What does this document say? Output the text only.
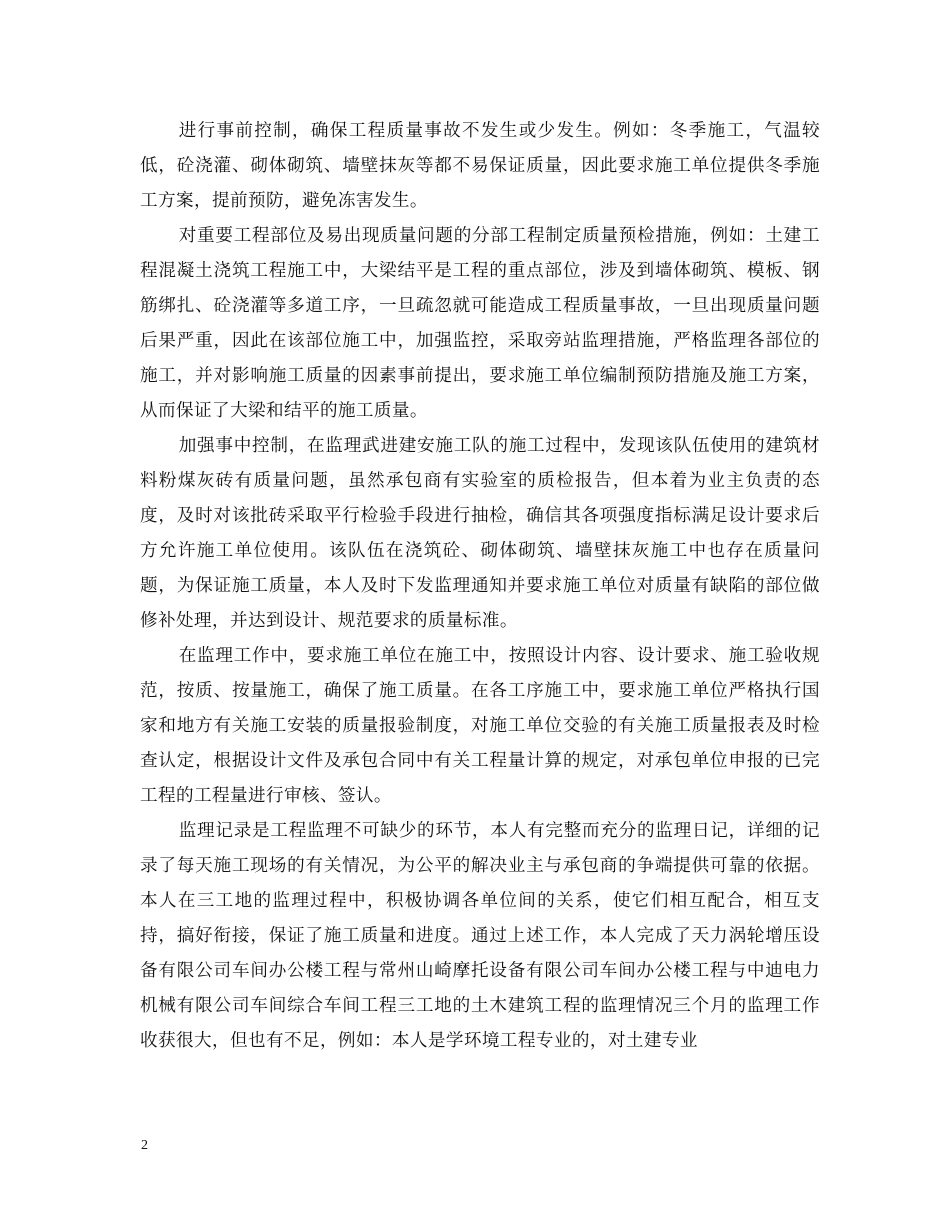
进行事前控制，确保工程质量事故不发生或少发生。例如：冬季施工，气温较低，砼浇灌、砌体砌筑、墙壁抹灰等都不易保证质量，因此要求施工单位提供冬季施工方案，提前预防，避免冻害发生。

对重要工程部位及易出现质量问题的分部工程制定质量预检措施，例如：土建工程混凝土浇筑工程施工中，大梁结平是工程的重点部位，涉及到墙体砌筑、模板、钢筋绑扎、砼浇灌等多道工序，一旦疏忽就可能造成工程质量事故，一旦出现质量问题后果严重，因此在该部位施工中，加强监控，采取旁站监理措施，严格监理各部位的施工，并对影响施工质量的因素事前提出，要求施工单位编制预防措施及施工方案，从而保证了大梁和结平的施工质量。

加强事中控制，在监理武进建安施工队的施工过程中，发现该队伍使用的建筑材料粉煤灰砖有质量问题，虽然承包商有实验室的质检报告，但本着为业主负责的态度，及时对该批砖采取平行检验手段进行抽检，确信其各项强度指标满足设计要求后方允许施工单位使用。该队伍在浇筑砼、砌体砌筑、墙壁抹灰施工中也存在质量问题，为保证施工质量，本人及时下发监理通知并要求施工单位对质量有缺陷的部位做修补处理，并达到设计、规范要求的质量标准。

在监理工作中，要求施工单位在施工中，按照设计内容、设计要求、施工验收规范，按质、按量施工，确保了施工质量。在各工序施工中，要求施工单位严格执行国家和地方有关施工安装的质量报验制度，对施工单位交验的有关施工质量报表及时检查认定，根据设计文件及承包合同中有关工程量计算的规定，对承包单位申报的已完工程的工程量进行审核、签认。

监理记录是工程监理不可缺少的环节，本人有完整而充分的监理日记，详细的记录了每天施工现场的有关情况，为公平的解决业主与承包商的争端提供可靠的依据。本人在三工地的监理过程中，积极协调各单位间的关系，使它们相互配合，相互支持，搞好衔接，保证了施工质量和进度。通过上述工作，本人完成了天力涡轮增压设备有限公司车间办公楼工程与常州山崎摩托设备有限公司车间办公楼工程与中迪电力机械有限公司车间综合车间工程三工地的土木建筑工程的监理情况三个月的监理工作收获很大，但也有不足，例如：本人是学环境工程专业的，对土建专业

2
